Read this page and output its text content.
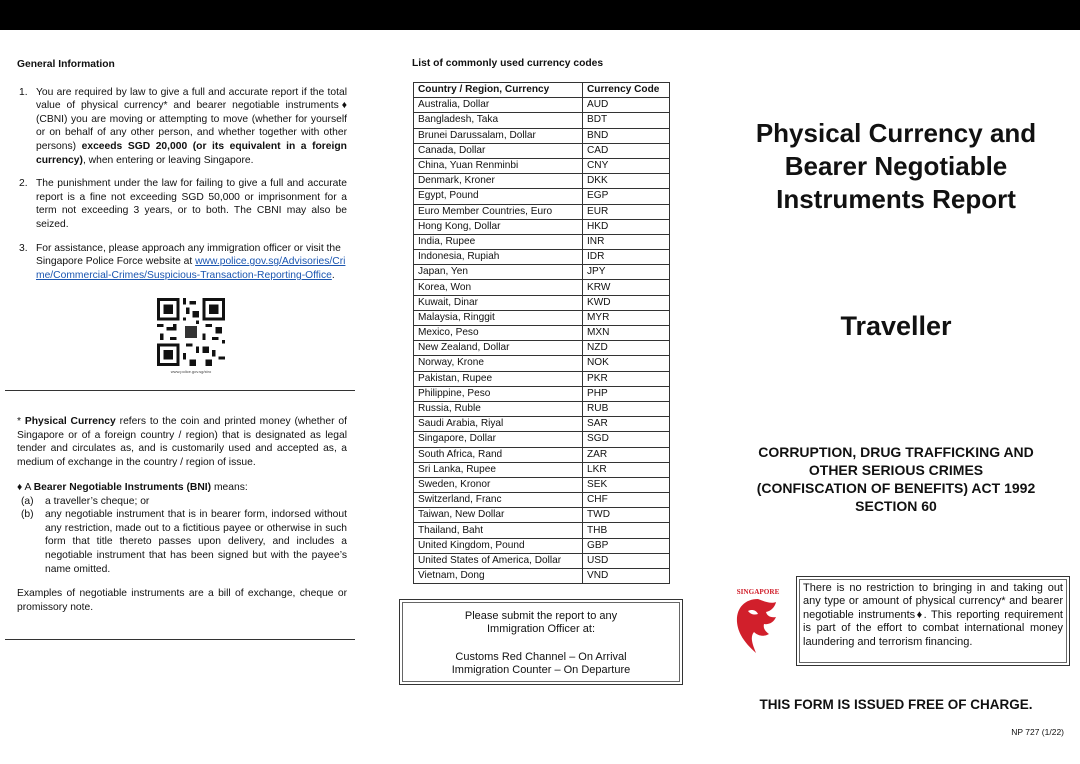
General Information
1. You are required by law to give a full and accurate report if the total value of physical currency* and bearer negotiable instruments♦ (CBNI) you are moving or attempting to move (whether for yourself or on behalf of any other person, and whether together with other persons) exceeds SGD 20,000 (or its equivalent in a foreign currency), when entering or leaving Singapore.
2. The punishment under the law for failing to give a full and accurate report is a fine not exceeding SGD 50,000 or imprisonment for a term not exceeding 3 years, or to both. The CBNI may also be seized.
3. For assistance, please approach any immigration officer or visit the Singapore Police Force website at www.police.gov.sg/Advisories/Crime/Commercial-Crimes/Suspicious-Transaction-Reporting-Office.
www.police.gov.sg/stro
* Physical Currency refers to the coin and printed money (whether of Singapore or of a foreign country / region) that is designated as legal tender and circulates as, and is customarily used and accepted as, a medium of exchange in the country / region of issue.
♦ A Bearer Negotiable Instruments (BNI) means:
(a) a traveller’s cheque; or
(b) any negotiable instrument that is in bearer form, indorsed without any restriction, made out to a fictitious payee or otherwise in such form that title thereto passes upon delivery, and includes a negotiable instrument that has been signed but with the payee’s name omitted.
Examples of negotiable instruments are a bill of exchange, cheque or promissory note.
List of commonly used currency codes
Country / Region, Currency	Currency Code
Australia, Dollar	AUD
Bangladesh, Taka	BDT
Brunei Darussalam, Dollar	BND
Canada, Dollar	CAD
China, Yuan Renminbi	CNY
Denmark, Kroner	DKK
Egypt, Pound	EGP
Euro Member Countries, Euro	EUR
Hong Kong, Dollar	HKD
India, Rupee	INR
Indonesia, Rupiah	IDR
Japan, Yen	JPY
Korea, Won	KRW
Kuwait, Dinar	KWD
Malaysia, Ringgit	MYR
Mexico, Peso	MXN
New Zealand, Dollar	NZD
Norway, Krone	NOK
Pakistan, Rupee	PKR
Philippine, Peso	PHP
Russia, Ruble	RUB
Saudi Arabia, Riyal	SAR
Singapore, Dollar	SGD
South Africa, Rand	ZAR
Sri Lanka, Rupee	LKR
Sweden, Kronor	SEK
Switzerland, Franc	CHF
Taiwan, New Dollar	TWD
Thailand, Baht	THB
United Kingdom, Pound	GBP
United States of America, Dollar	USD
Vietnam, Dong	VND
Please submit the report to any
Immigration Officer at:
Customs Red Channel – On Arrival
Immigration Counter – On Departure
Physical Currency and
Bearer Negotiable
Instruments Report
Traveller
CORRUPTION, DRUG TRAFFICKING AND
OTHER SERIOUS CRIMES
(CONFISCATION OF BENEFITS) ACT 1992
SECTION 60
SINGAPORE	There is no restriction to bringing in and taking out any type or amount of physical currency* and bearer negotiable instruments♦. This reporting requirement is part of the effort to combat international money laundering and terrorism financing.
THIS FORM IS ISSUED FREE OF CHARGE.
NP 727 (1/22)
